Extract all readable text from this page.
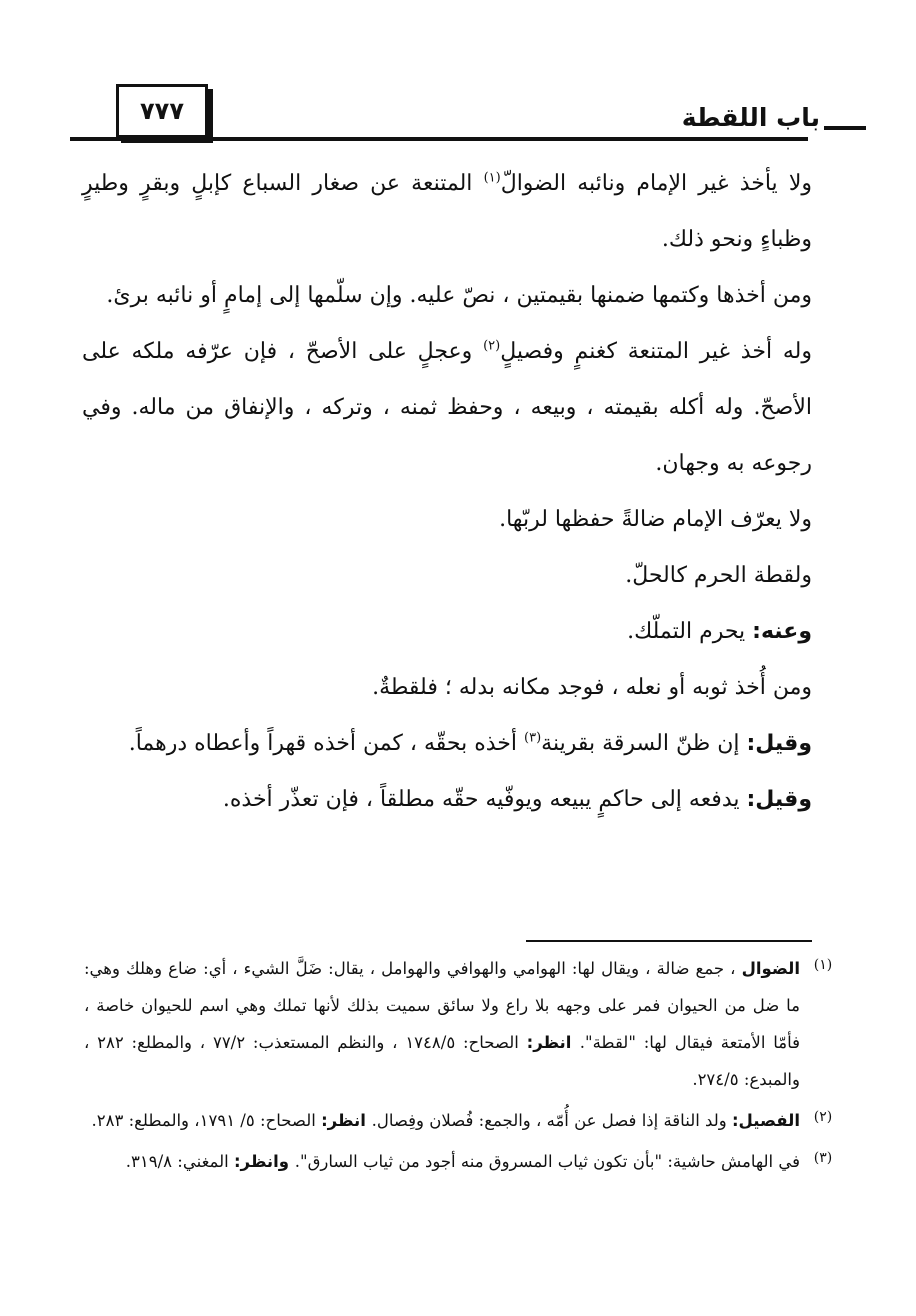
٧٧٧	باب اللقطة

ولا يأخذ غير الإمام ونائبه الضوالّ$^{(١)}$ المتنعة عن صغار السباع كإبلٍ وبقرٍ وطيرٍ وظباءٍ ونحو ذلك.

ومن أخذها وكتمها ضمنها بقيمتين ، نصّ عليه. وإن سلّمها إلى إمامٍ أو نائبه برئ.

وله أخذ غير المتنعة كغنمٍ وفصيلٍ$^{(٢)}$ وعجلٍ على الأصحّ ، فإن عرّفه ملكه على الأصحّ. وله أكله بقيمته ، وبيعه ، وحفظ ثمنه ، وتركه ، والإنفاق من ماله. وفي رجوعه به وجهان.

ولا يعرّف الإمام ضالةً حفظها لربّها.

ولقطة الحرم كالحلّ.

وعنه: يحرم التملّك.

ومن أُخذ ثوبه أو نعله ، فوجد مكانه بدله ؛ فلقطةٌ.

وقيل: إن ظنّ السرقة بقرينة$^{(٣)}$ أخذه بحقّه ، كمن أخذه قهراً وأعطاه درهماً.

وقيل: يدفعه إلى حاكمٍ يبيعه ويوفّيه حقّه مطلقاً ، فإن تعذّر أخذه.

(١)
الضوال ، جمع ضالة ، ويقال لها: الهوامي والهوافي والهوامل ، يقال: ضَلَّ الشيء ، أي: ضاع وهلك وهي: ما ضل من الحيوان فمر على وجهه بلا راع ولا سائق سميت بذلك لأنها تملك وهي اسم للحيوان خاصة ، فأمّا الأمتعة فيقال لها: "لقطة". انظر: الصحاح: ١٧٤٨/٥ ، والنظم المستعذب: ٧٧/٢ ، والمطلع: ٢٨٢ ، والمبدع: ٢٧٤/٥.
(٢)
الفصيل: ولد الناقة إذا فصل عن أُمّه ، والجمع: فُصلان وفِصال. انظر: الصحاح: ٥/ ١٧٩١، والمطلع: ٢٨٣.
(٣)
في الهامش حاشية: "بأن تكون ثياب المسروق منه أجود من ثياب السارق". وانظر: المغني: ٣١٩/٨.
